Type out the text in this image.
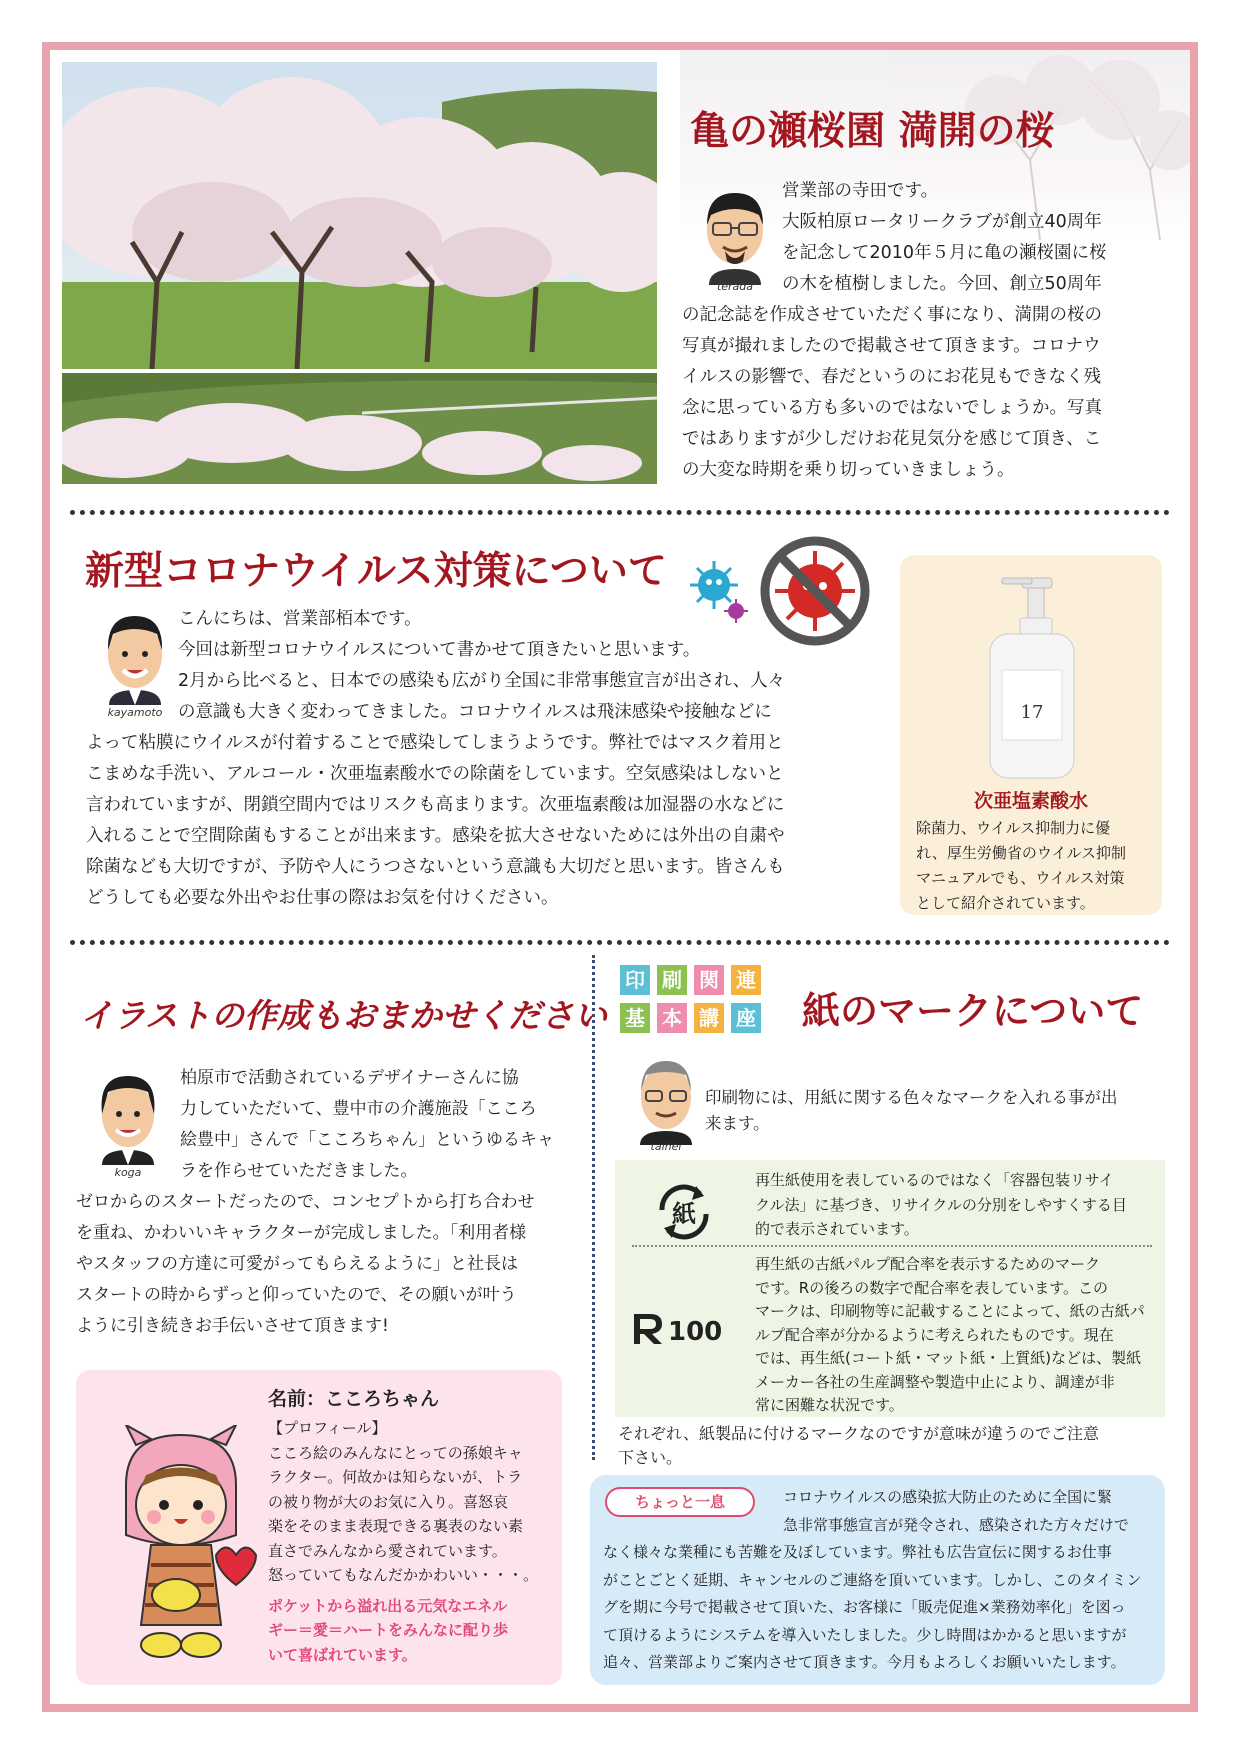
亀の瀬桜園 満開の桜
terada
営業部の寺田です。
大阪柏原ロータリークラブが創立40周年
を記念して2010年５月に亀の瀬桜園に桜
の木を植樹しました。今回、創立50周年
の記念誌を作成させていただく事になり、満開の桜の
写真が撮れましたので掲載させて頂きます。コロナウ
イルスの影響で、春だというのにお花見もできなく残
念に思っている方も多いのではないでしょうか。写真
ではありますが少しだけお花見気分を感じて頂き、こ
の大変な時期を乗り切っていきましょう。
新型コロナウイルス対策について
kayamoto
こんにちは、営業部栢本です。
今回は新型コロナウイルスについて書かせて頂きたいと思います。
2月から比べると、日本での感染も広がり全国に非常事態宣言が出され、人々
の意識も大きく変わってきました。コロナウイルスは飛沫感染や接触などに
よって粘膜にウイルスが付着することで感染してしまうようです。弊社ではマスク着用と
こまめな手洗い、アルコール・次亜塩素酸水での除菌をしています。空気感染はしないと
言われていますが、閉鎖空間内ではリスクも高まります。次亜塩素酸は加湿器の水などに
入れることで空間除菌もすることが出来ます。感染を拡大させないためには外出の自粛や
除菌なども大切ですが、予防や人にうつさないという意識も大切だと思います。皆さんも
どうしても必要な外出やお仕事の際はお気を付けください。
17
次亜塩素酸水
除菌力、ウイルス抑制力に優
れ、厚生労働省のウイルス抑制
マニュアルでも、ウイルス対策
として紹介されています。
イラストの作成もおまかせください
koga
柏原市で活動されているデザイナーさんに協
力していただいて、豊中市の介護施設「こころ
絵豊中」さんで「こころちゃん」というゆるキャ
ラを作らせていただきました。
ゼロからのスタートだったので、コンセプトから打ち合わせ
を重ね、かわいいキャラクターが完成しました。「利用者様
やスタッフの方達に可愛がってもらえるように」と社長は
スタートの時からずっと仰っていたので、その願いが叶う
ように引き続きお手伝いさせて頂きます!
名前：こころちゃん
【プロフィール】
こころ絵のみんなにとっての孫娘キャ
ラクター。何故かは知らないが、トラ
の被り物が大のお気に入り。喜怒哀
楽をそのまま表現できる裏表のない素
直さでみんなから愛されています。
怒っていてもなんだかかわいい・・・。
ポケットから溢れ出る元気なエネル
ギー＝愛＝ハートをみんなに配り歩
いて喜ばれています。
印 刷 関 連
基 本 講 座 紙のマークについて
taihei
印刷物には、用紙に関する色々なマークを入れる事が出
来ます。
紙
再生紙使用を表しているのではなく「容器包装リサイ
クル法」に基づき、リサイクルの分別をしやすくする目
的で表示されています。
100
再生紙の古紙パルプ配合率を表示するためのマーク
です。Rの後ろの数字で配合率を表しています。この
マークは、印刷物等に記載することによって、紙の古紙パ
ルプ配合率が分かるように考えられたものです。現在
では、再生紙(コート紙・マット紙・上質紙)などは、製紙
メーカー各社の生産調整や製造中止により、調達が非
常に困難な状況です。
それぞれ、紙製品に付けるマークなのですが意味が違うのでご注意
下さい。
ちょっと一息	コロナウイルスの感染拡大防止のために全国に緊
急非常事態宣言が発令され、感染された方々だけで
なく様々な業種にも苦難を及ぼしています。弊社も広告宣伝に関するお仕事
がことごとく延期、キャンセルのご連絡を頂いています。しかし、このタイミン
グを期に今号で掲載させて頂いた、お客様に「販売促進×業務効率化」を図っ
て頂けるようにシステムを導入いたしました。少し時間はかかると思いますが
追々、営業部よりご案内させて頂きます。今月もよろしくお願いいたします。
